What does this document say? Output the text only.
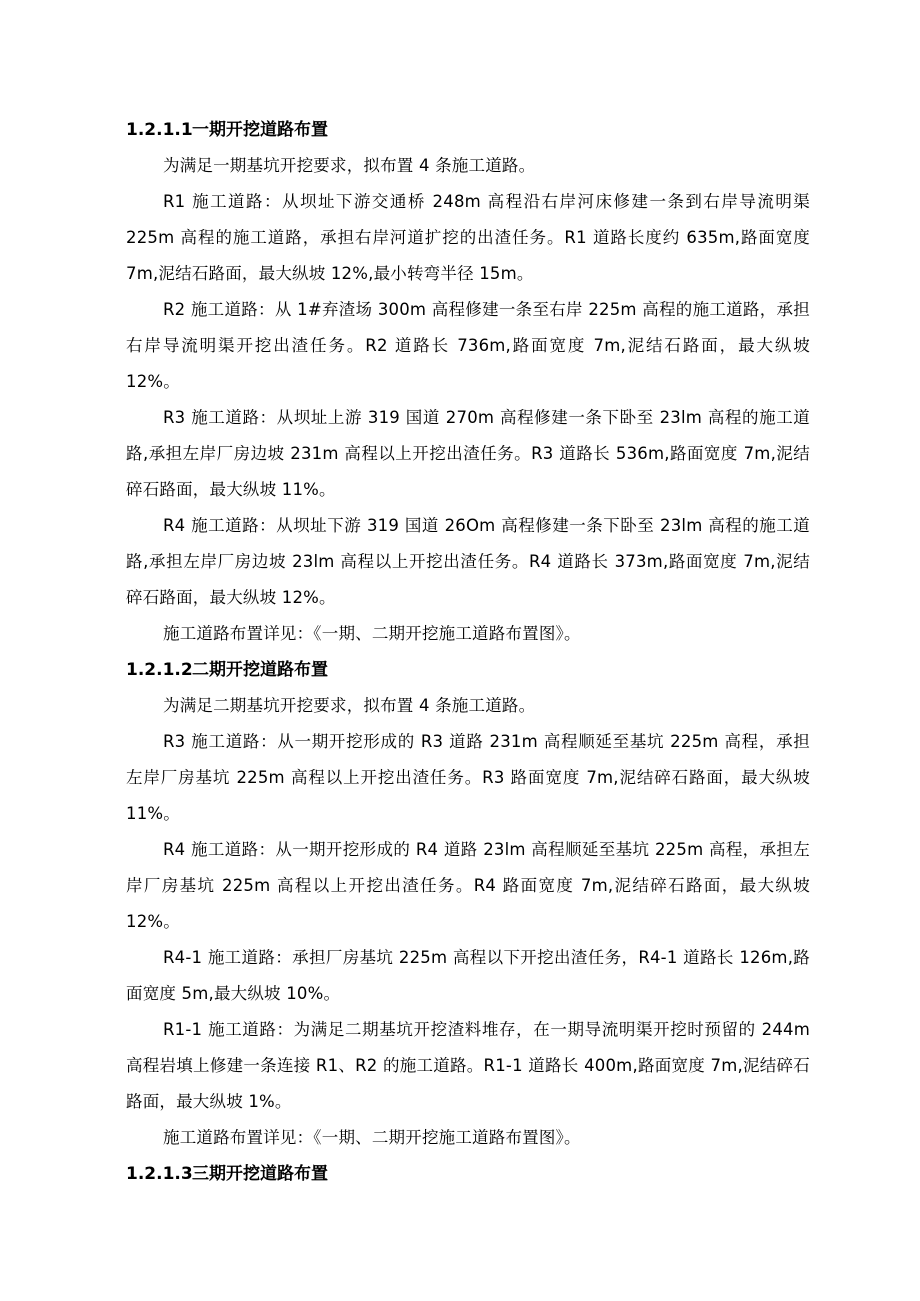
1.2.1.1一期开挖道路布置

为满足一期基坑开挖要求，拟布置 4 条施工道路。

R1 施工道路：从坝址下游交通桥 248m 高程沿右岸河床修建一条到右岸导流明渠 225m 高程的施工道路，承担右岸河道扩挖的出渣任务。R1 道路长度约 635m,路面宽度 7m,泥结石路面，最大纵坡 12%,最小转弯半径 15m。

R2 施工道路：从 1#弃渣场 300m 高程修建一条至右岸 225m 高程的施工道路，承担右岸导流明渠开挖出渣任务。R2 道路长 736m,路面宽度 7m,泥结石路面，最大纵坡 12%。

R3 施工道路：从坝址上游 319 国道 270m 高程修建一条下卧至 23lm 高程的施工道路,承担左岸厂房边坡 231m 高程以上开挖出渣任务。R3 道路长 536m,路面宽度 7m,泥结碎石路面，最大纵坡 11%。

R4 施工道路：从坝址下游 319 国道 26Om 高程修建一条下卧至 23lm 高程的施工道路,承担左岸厂房边坡 23lm 高程以上开挖出渣任务。R4 道路长 373m,路面宽度 7m,泥结碎石路面，最大纵坡 12%。

施工道路布置详见：《一期、二期开挖施工道路布置图》。

1.2.1.2二期开挖道路布置

为满足二期基坑开挖要求，拟布置 4 条施工道路。

R3 施工道路：从一期开挖形成的 R3 道路 231m 高程顺延至基坑 225m 高程，承担左岸厂房基坑 225m 高程以上开挖出渣任务。R3 路面宽度 7m,泥结碎石路面，最大纵坡 11%。

R4 施工道路：从一期开挖形成的 R4 道路 23lm 高程顺延至基坑 225m 高程，承担左岸厂房基坑 225m 高程以上开挖出渣任务。R4 路面宽度 7m,泥结碎石路面，最大纵坡 12%。

R4-1 施工道路：承担厂房基坑 225m 高程以下开挖出渣任务，R4-1 道路长 126m,路面宽度 5m,最大纵坡 10%。

R1-1 施工道路：为满足二期基坑开挖渣料堆存，在一期导流明渠开挖时预留的 244m 高程岩填上修建一条连接 R1、R2 的施工道路。R1-1 道路长 400m,路面宽度 7m,泥结碎石路面，最大纵坡 1%。

施工道路布置详见：《一期、二期开挖施工道路布置图》。

1.2.1.3三期开挖道路布置
